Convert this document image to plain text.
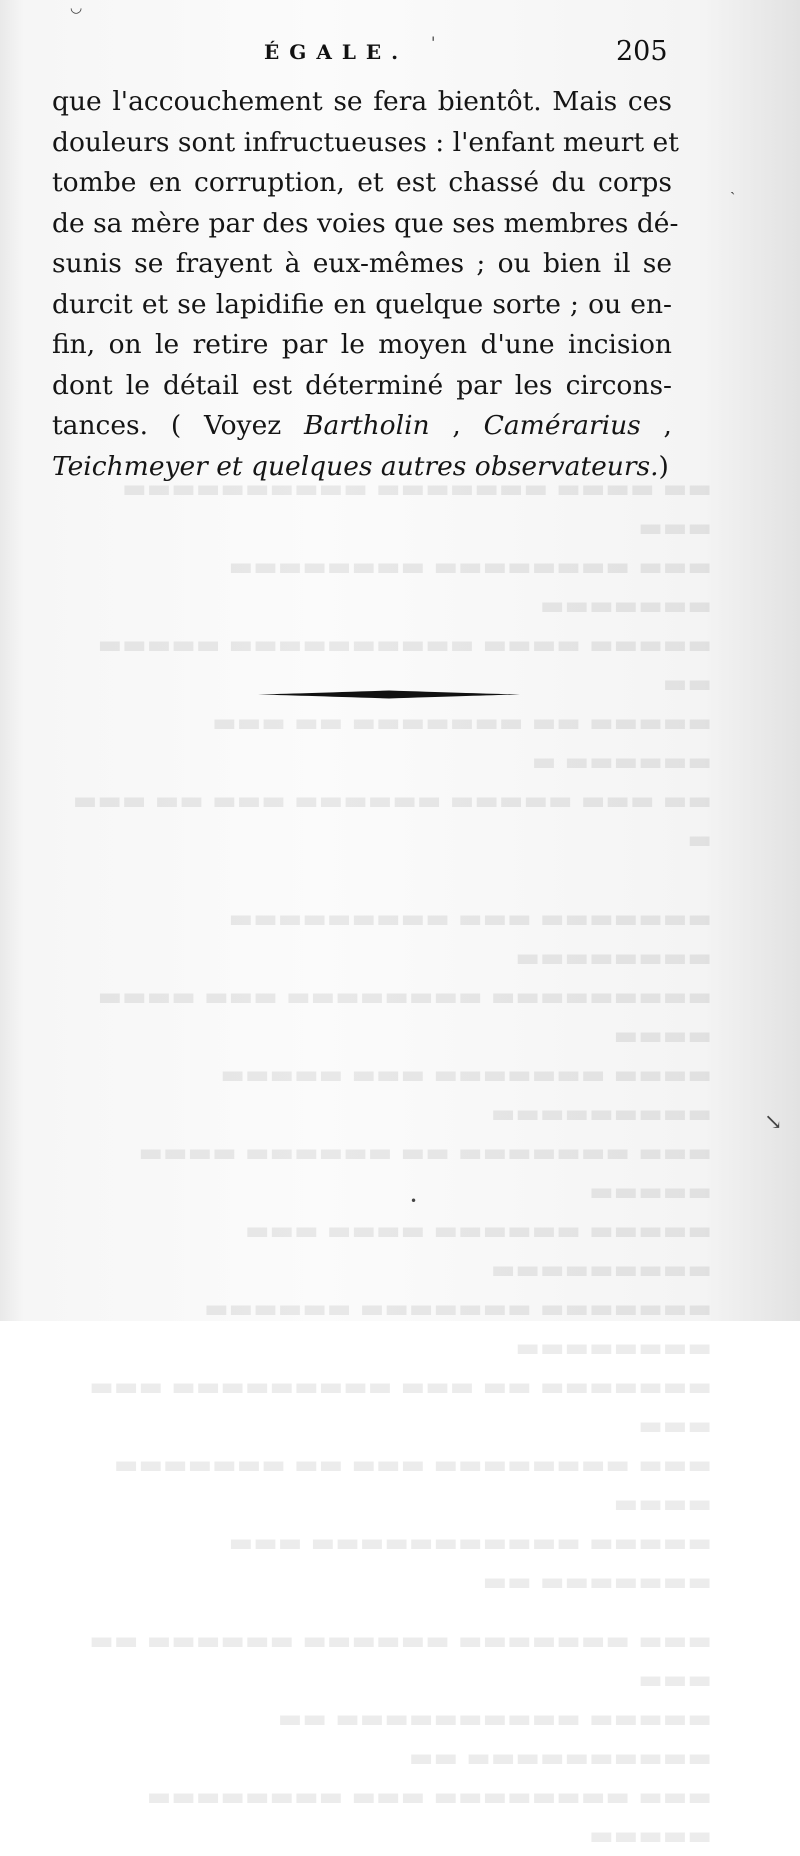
▬▬ ▬▬▬▬ ▬▬▬▬▬▬▬ ▬▬▬▬▬▬▬▬▬▬ ▬▬▬
▬▬▬ ▬▬▬▬▬▬▬▬ ▬▬▬▬▬▬▬▬ ▬▬▬▬▬▬▬
▬▬▬▬▬ ▬▬▬▬ ▬▬▬▬▬▬▬▬▬▬ ▬▬▬▬▬ ▬▬
▬▬▬▬▬ ▬▬ ▬▬▬▬▬▬▬ ▬▬ ▬▬▬ ▬▬▬▬▬▬ ▬
▬▬ ▬▬▬ ▬▬▬▬▬ ▬▬▬▬▬▬ ▬▬▬ ▬▬ ▬▬▬ ▬
▬▬▬▬▬▬▬ ▬▬▬ ▬▬▬▬▬▬▬▬▬ ▬▬▬▬▬▬▬▬
▬▬▬▬▬▬▬▬▬ ▬▬▬▬▬▬▬▬ ▬▬▬ ▬▬▬▬ ▬▬▬▬
▬▬▬▬ ▬▬▬▬▬▬▬ ▬▬▬ ▬▬▬▬▬ ▬▬▬▬▬▬▬▬▬
▬▬▬ ▬▬▬▬▬▬▬ ▬▬ ▬▬▬▬▬▬ ▬▬▬▬ ▬▬▬▬▬
▬▬▬▬▬ ▬▬▬▬▬▬ ▬▬▬▬ ▬▬▬ ▬▬▬▬▬▬▬▬▬
▬▬▬▬▬▬▬ ▬▬▬▬▬▬▬ ▬▬▬▬▬▬ ▬▬▬▬▬▬▬▬
▬▬▬▬▬▬▬ ▬▬ ▬▬▬ ▬▬▬▬▬▬▬▬▬ ▬▬▬ ▬▬▬
▬▬▬ ▬▬▬▬▬▬▬▬ ▬▬▬ ▬▬ ▬▬▬▬▬▬▬ ▬▬▬▬
▬▬▬▬▬ ▬▬▬▬▬▬▬▬▬▬▬ ▬▬▬ ▬▬▬▬▬▬▬ ▬▬
▬▬▬ ▬▬▬▬▬▬▬ ▬▬▬▬▬▬ ▬▬▬▬▬▬ ▬▬ ▬▬▬
▬▬▬▬▬ ▬▬▬▬▬▬▬▬▬▬ ▬▬ ▬▬▬▬▬▬▬▬▬▬ ▬▬
▬▬▬ ▬▬▬▬▬▬▬▬ ▬▬▬ ▬▬▬▬▬▬▬▬ ▬▬▬▬▬
ÉGALE.	205
que l'accouchement se fera bientôt. Mais ces
douleurs sont infructueuses : l'enfant meurt et
tombe en corruption, et est chassé du corps
de sa mère par des voies que ses membres dé-
sunis se frayent à eux-mêmes ; ou bien il se
durcit et se lapidifie en quelque sorte ; ou en-
fin, on le retire par le moyen d'une incision
dont le détail est déterminé par les circons-
tances. ( Voyez Bartholin , Camérarius ,
Teichmeyer et quelques autres observateurs.)
◡
'
ˎ
↘
•
